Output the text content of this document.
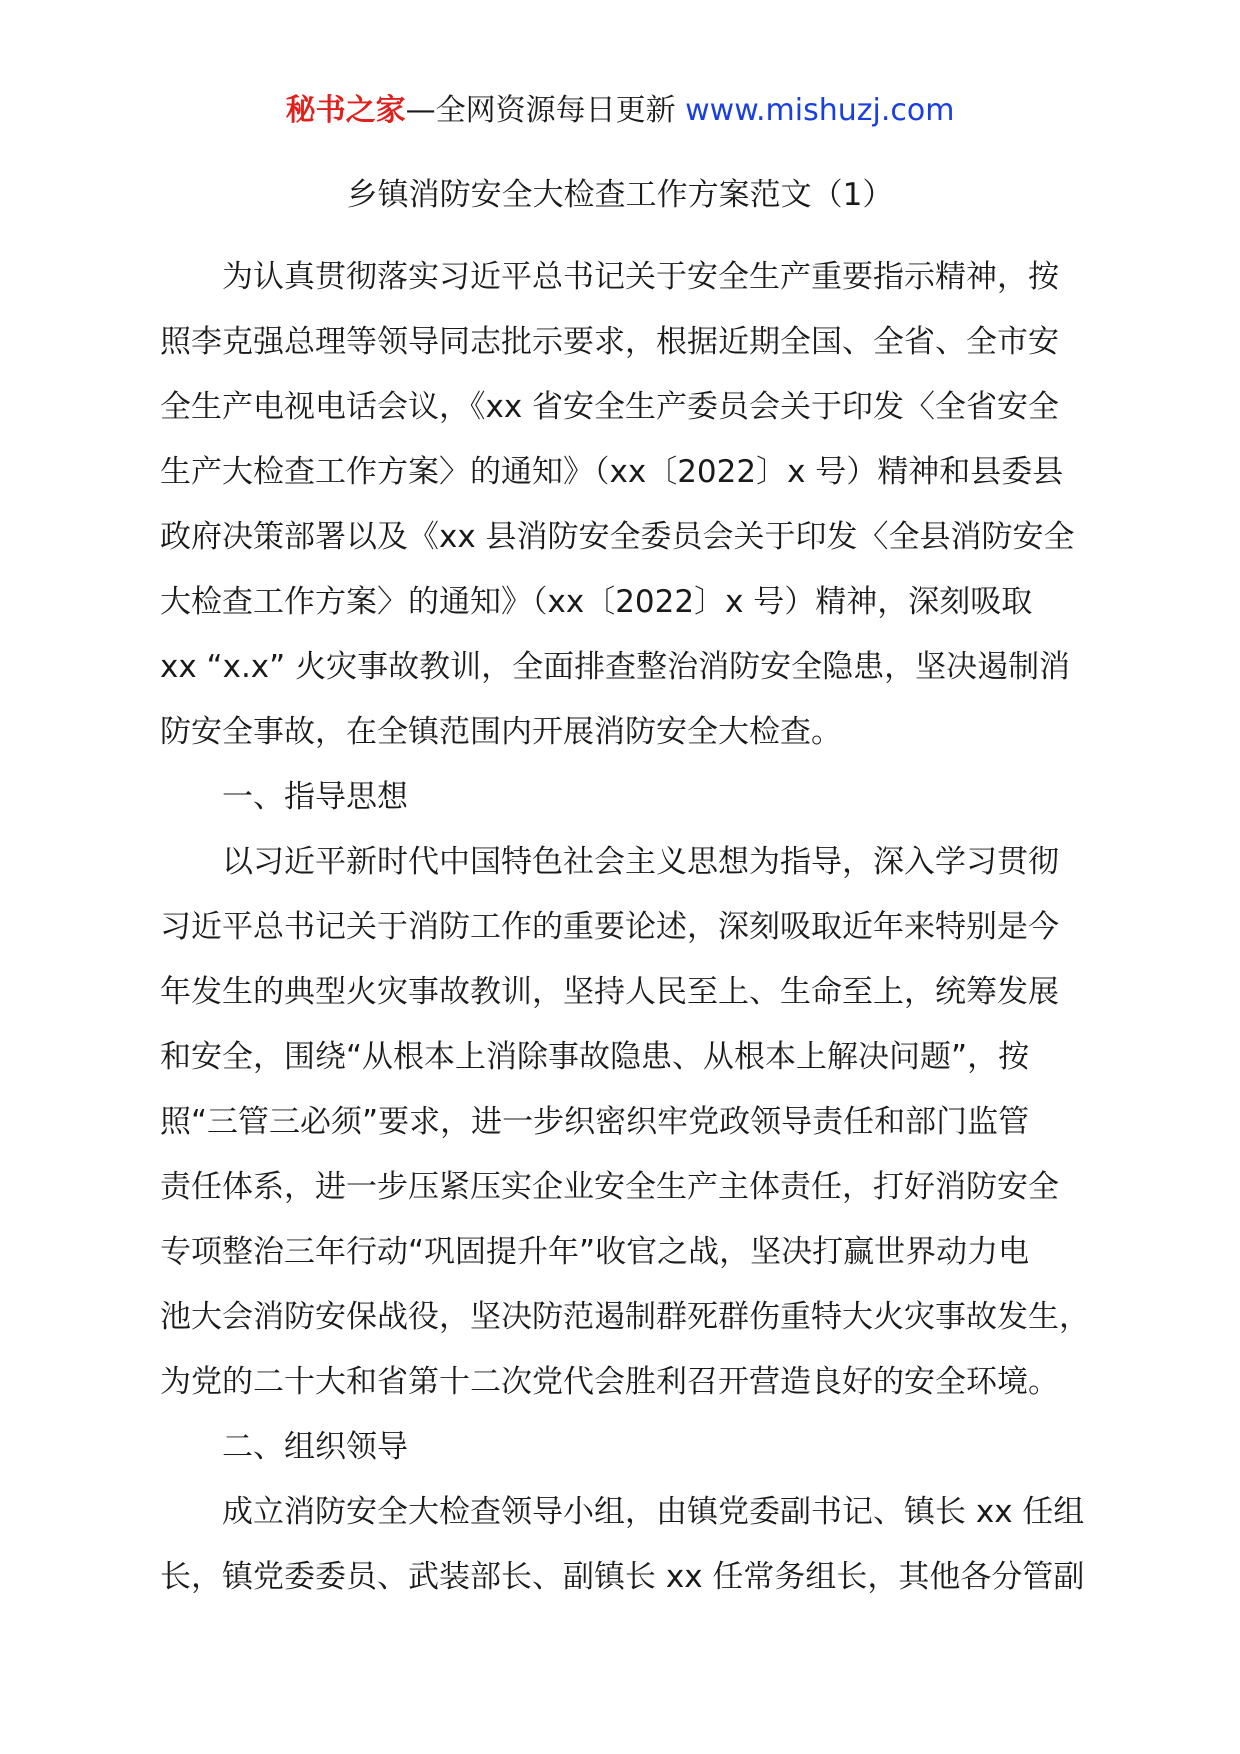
秘书之家—全网资源每日更新 www.mishuzj.com
乡镇消防安全大检查工作方案范文（1）
为认真贯彻落实习近平总书记关于安全生产重要指示精神，按
照李克强总理等领导同志批示要求，根据近期全国、全省、全市安
全生产电视电话会议，《xx 省安全生产委员会关于印发〈全省安全
生产大检查工作方案〉的通知》（xx〔2022〕x 号）精神和县委县
政府决策部署以及《xx 县消防安全委员会关于印发〈全县消防安全
大检查工作方案〉的通知》（xx〔2022〕x 号）精神，深刻吸取
xx “x.x” 火灾事故教训，全面排查整治消防安全隐患，坚决遏制消
防安全事故，在全镇范围内开展消防安全大检查。
一、指导思想
以习近平新时代中国特色社会主义思想为指导，深入学习贯彻
习近平总书记关于消防工作的重要论述，深刻吸取近年来特别是今
年发生的典型火灾事故教训，坚持人民至上、生命至上，统筹发展
和安全，围绕“从根本上消除事故隐患、从根本上解决问题”，按
照“三管三必须”要求，进一步织密织牢党政领导责任和部门监管
责任体系，进一步压紧压实企业安全生产主体责任，打好消防安全
专项整治三年行动“巩固提升年”收官之战，坚决打赢世界动力电
池大会消防安保战役，坚决防范遏制群死群伤重特大火灾事故发生，
为党的二十大和省第十二次党代会胜利召开营造良好的安全环境。
二、组织领导
成立消防安全大检查领导小组，由镇党委副书记、镇长 xx 任组
长，镇党委委员、武装部长、副镇长 xx 任常务组长，其他各分管副
